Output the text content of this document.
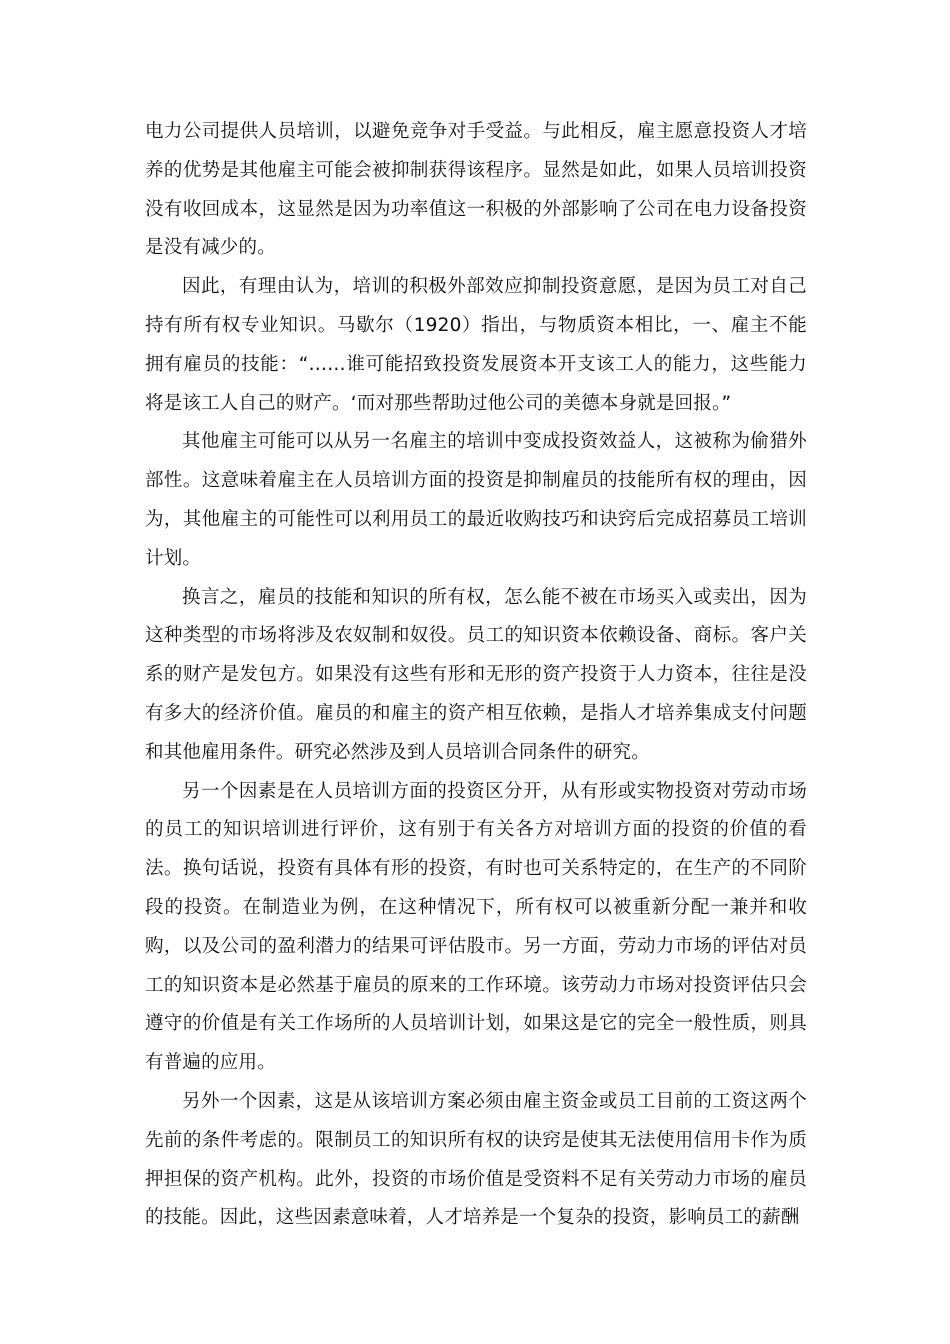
电力公司提供人员培训，以避免竞争对手受益。与此相反，雇主愿意投资人才培养的优势是其他雇主可能会被抑制获得该程序。显然是如此，如果人员培训投资没有收回成本，这显然是因为功率值这一积极的外部影响了公司在电力设备投资是没有减少的。

因此，有理由认为，培训的积极外部效应抑制投资意愿，是因为员工对自己持有所有权专业知识。马歇尔（1920）指出，与物质资本相比，一、雇主不能拥有雇员的技能：“……谁可能招致投资发展资本开支该工人的能力，这些能力将是该工人自己的财产。‘而对那些帮助过他公司的美德本身就是回报。”

其他雇主可能可以从另一名雇主的培训中变成投资效益人，这被称为偷猎外部性。这意味着雇主在人员培训方面的投资是抑制雇员的技能所有权的理由，因为，其他雇主的可能性可以利用员工的最近收购技巧和诀窍后完成招募员工培训计划。

换言之，雇员的技能和知识的所有权，怎么能不被在市场买入或卖出，因为这种类型的市场将涉及农奴制和奴役。员工的知识资本依赖设备、商标。客户关系的财产是发包方。如果没有这些有形和无形的资产投资于人力资本，往往是没有多大的经济价值。雇员的和雇主的资产相互依赖，是指人才培养集成支付问题和其他雇用条件。研究必然涉及到人员培训合同条件的研究。

另一个因素是在人员培训方面的投资区分开，从有形或实物投资对劳动市场的员工的知识培训进行评价，这有别于有关各方对培训方面的投资的价值的看法。换句话说，投资有具体有形的投资，有时也可关系特定的，在生产的不同阶段的投资。在制造业为例，在这种情况下，所有权可以被重新分配一兼并和收购，以及公司的盈利潜力的结果可评估股市。另一方面，劳动力市场的评估对员工的知识资本是必然基于雇员的原来的工作环境。该劳动力市场对投资评估只会遵守的价值是有关工作场所的人员培训计划，如果这是它的完全一般性质，则具有普遍的应用。

另外一个因素，这是从该培训方案必须由雇主资金或员工目前的工资这两个先前的条件考虑的。限制员工的知识所有权的诀窍是使其无法使用信用卡作为质押担保的资产机构。此外，投资的市场价值是受资料不足有关劳动力市场的雇员的技能。因此，这些因素意味着，人才培养是一个复杂的投资，影响员工的薪酬
